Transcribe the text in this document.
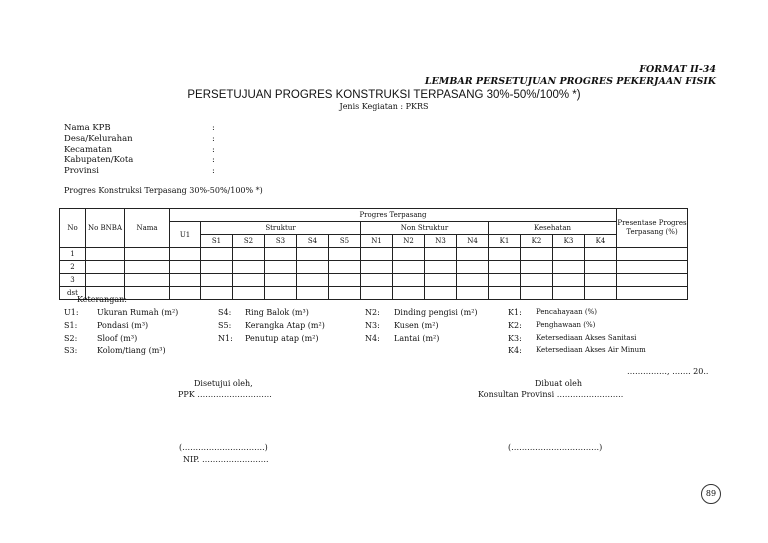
FORMAT II-34
LEMBAR PERSETUJUAN PROGRES PEKERJAAN FISIK
PERSETUJUAN PROGRES KONSTRUKSI TERPASANG 30%-50%/100% *)
Jenis Kegiatan : PKRS
Nama KPB	:
Desa/Kelurahan	:
Kecamatan	:
Kabupaten/Kota	:
Provinsi	:
Progres Konstruksi Terpasang 30%-50%/100% *)
No	No BNBA	Nama	Progres Terpasang														Presentase Progres Terpasang (%)
			U1	Struktur					Non Struktur				Kesehatan				
				S1	S2	S3	S4	S5	N1	N2	N3	N4	K1	K2	K3	K4	
1																	
2																	
3																	
dst																	
Keterangan:
U1: Ukuran Rumah (m²)
S1: Pondasi (m³)
S2: Sloof (m³)
S3: Kolom/tiang (m³)
S4: Ring Balok (m³)
S5: Kerangka Atap (m²)
N1: Penutup atap (m²)
N2: Dinding pengisi (m²)
N3: Kusen (m²)
N4: Lantai (m²)
K1: Pencahayaan (%)
K2: Penghawaan (%)
K3: Ketersediaan Akses Sanitasi
K4: Ketersediaan Akses Air Minum
……………, ……. 20..
Disetujui oleh,
PPK ……………………….
Dibuat oleh
Konsultan Provinsi …………………….
(………………………….)
NIP. …………………….
(……………………………)
89
